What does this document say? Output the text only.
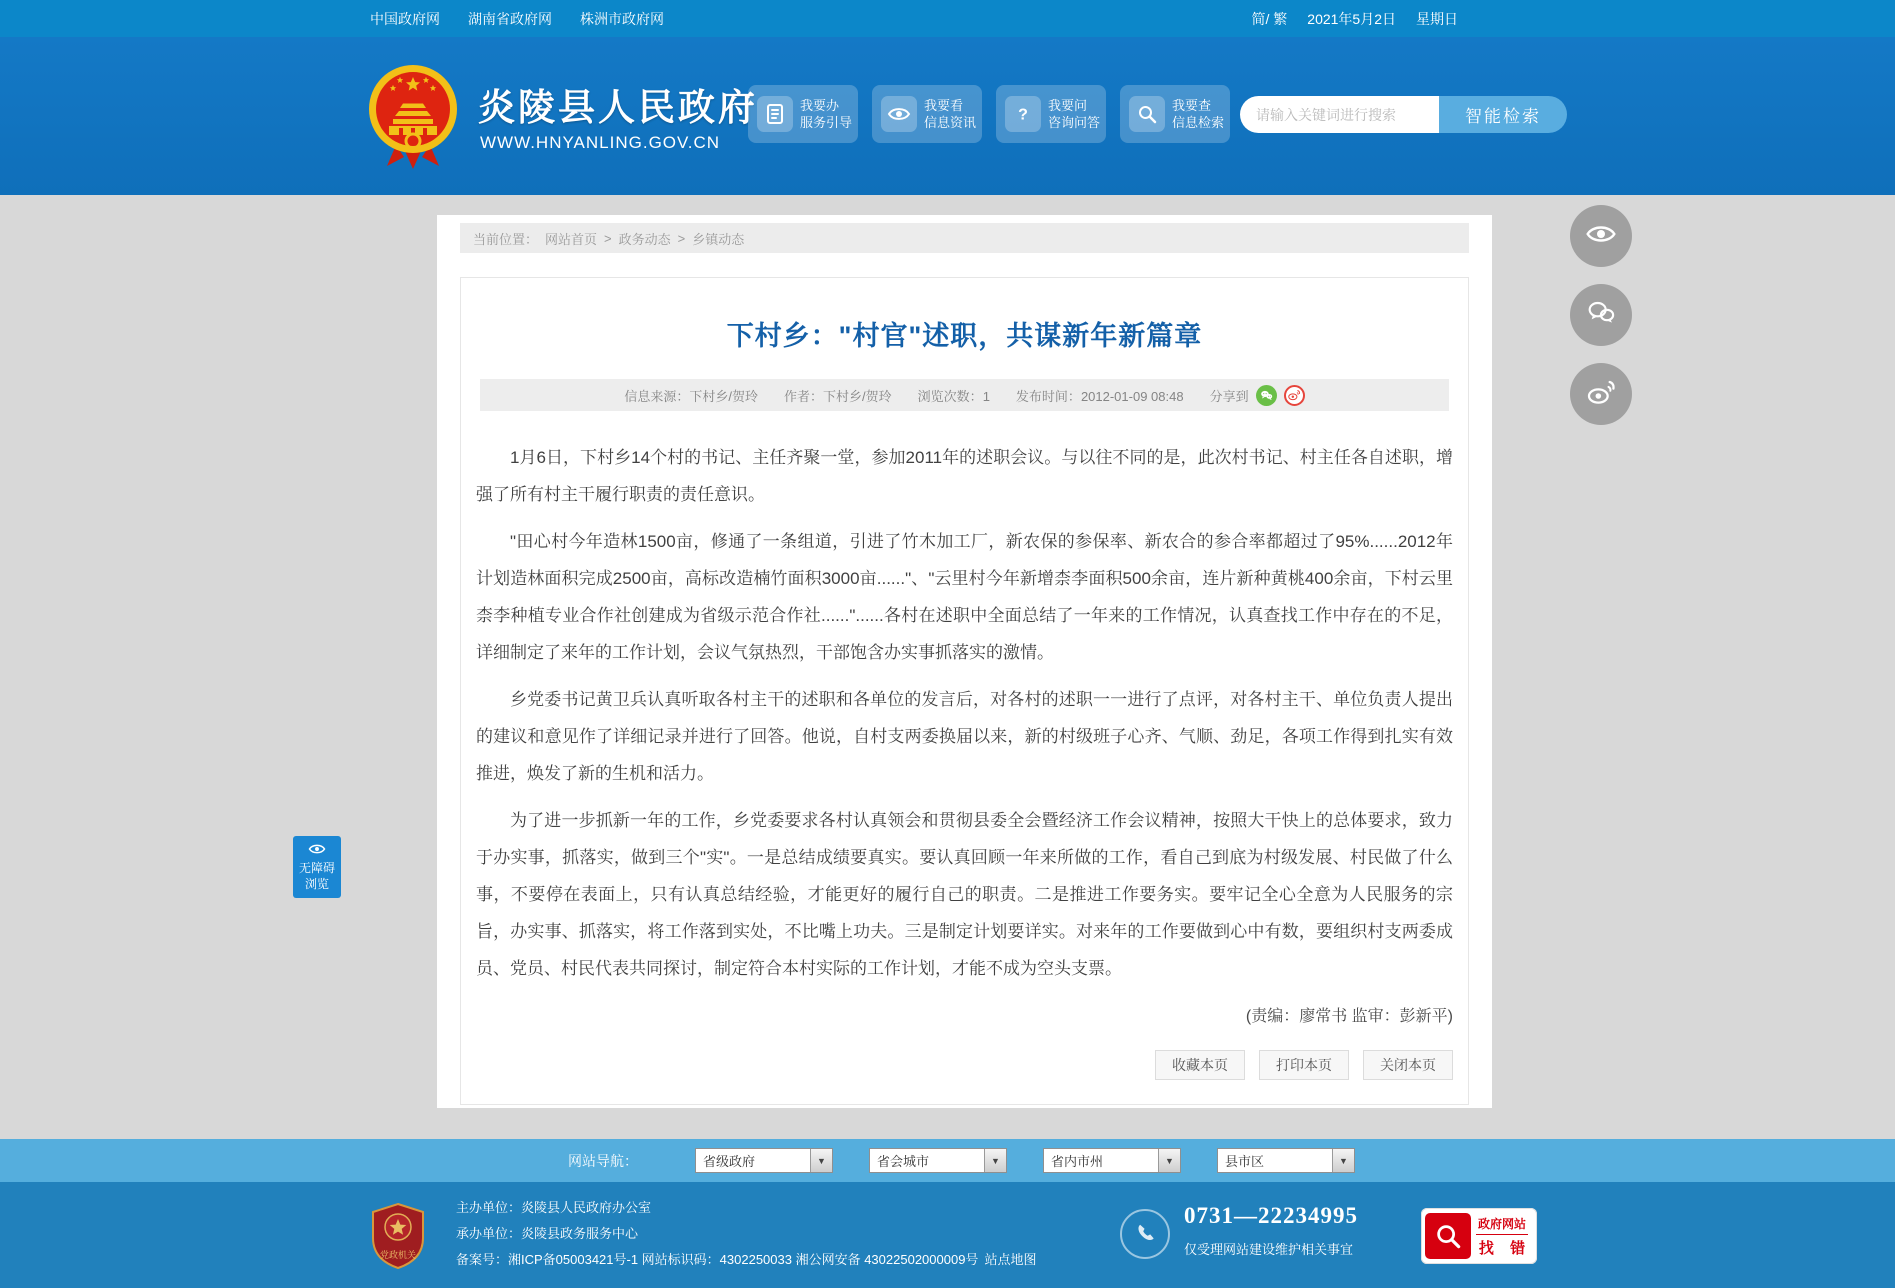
中国政府网 湖南省政府网 株洲市政府网	简/ 繁 2021年5月2日 星期日
炎陵县人民政府
WWW.HNYANLING.GOV.CN
我要办
服务引导
我要看
信息资讯	?
我要问
咨询问答
我要查
信息检索
请输入关键词进行搜索	智能检索
当前位置： 网站首页 > 政务动态 > 乡镇动态
下村乡："村官"述职，共谋新年新篇章
信息来源：下村乡/贺玲 作者：下村乡/贺玲 浏览次数：1 发布时间：2012-01-09 08:48 分享到

1月6日，下村乡14个村的书记、主任齐聚一堂，参加2011年的述职会议。与以往不同的是，此次村书记、村主任各自述职，增强了所有村主干履行职责的责任意识。

"田心村今年造林1500亩，修通了一条组道，引进了竹木加工厂，新农保的参保率、新农合的参合率都超过了95%......2012年计划造林面积完成2500亩，高标改造楠竹面积3000亩......"、"云里村今年新增柰李面积500余亩，连片新种黄桃400余亩，下村云里柰李种植专业合作社创建成为省级示范合作社......"......各村在述职中全面总结了一年来的工作情况，认真查找工作中存在的不足，详细制定了来年的工作计划，会议气氛热烈，干部饱含办实事抓落实的激情。

乡党委书记黄卫兵认真听取各村主干的述职和各单位的发言后，对各村的述职一一进行了点评，对各村主干、单位负责人提出的建议和意见作了详细记录并进行了回答。他说，自村支两委换届以来，新的村级班子心齐、气顺、劲足，各项工作得到扎实有效推进，焕发了新的生机和活力。

为了进一步抓新一年的工作，乡党委要求各村认真领会和贯彻县委全会暨经济工作会议精神，按照大干快上的总体要求，致力于办实事，抓落实，做到三个"实"。一是总结成绩要真实。要认真回顾一年来所做的工作，看自己到底为村级发展、村民做了什么事，不要停在表面上，只有认真总结经验，才能更好的履行自己的职责。二是推进工作要务实。要牢记全心全意为人民服务的宗旨，办实事、抓落实，将工作落到实处，不比嘴上功夫。三是制定计划要详实。对来年的工作要做到心中有数，要组织村支两委成员、党员、村民代表共同探讨，制定符合本村实际的工作计划，才能不成为空头支票。

(责编：廖常书 监审：彭新平)
收藏本页	打印本页	关闭本页
无障碍
浏览
网站导航：	省级政府	▼	省会城市	▼	省内市州	▼	县市区	▼
党政机关
主办单位：炎陵县人民政府办公室
承办单位：炎陵县政务服务中心
备案号：湘ICP备05003421号-1 网站标识码：4302250033 湘公网安备 43022502000009号 站点地图
0731—22234995
仅受理网站建设维护相关事宜
政府网站
找 错
